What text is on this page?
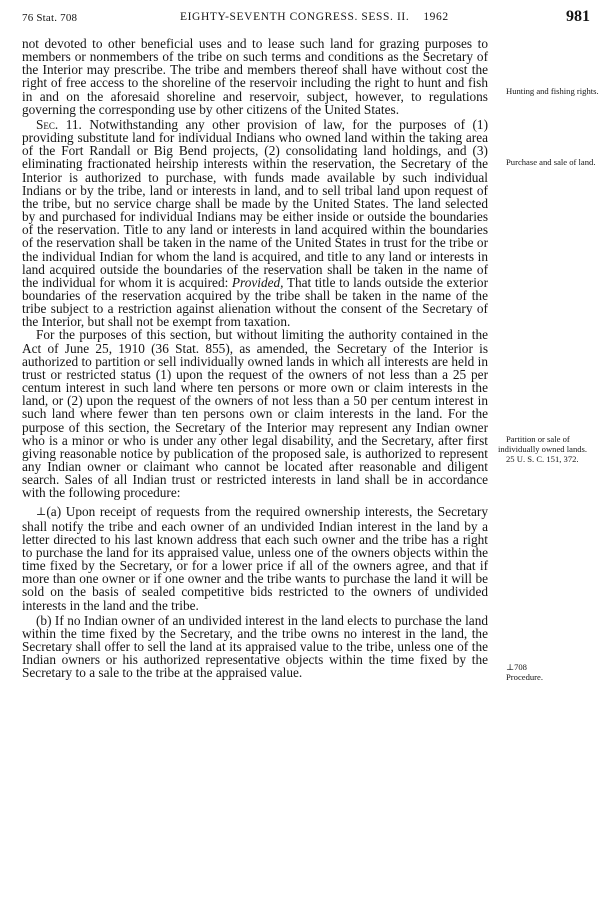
76 Stat. 708	EIGHTY-SEVENTH CONGRESS. SESS. II. 1962	981

not devoted to other beneficial uses and to lease such land for grazing purposes to members or nonmembers of the tribe on such terms and conditions as the Secretary of the Interior may prescribe. The tribe and members thereof shall have without cost the right of free access to the shoreline of the reservoir including the right to hunt and fish in and on the aforesaid shoreline and reservoir, subject, however, to regulations governing the corresponding use by other citizens of the United States.

Sec. 11. Notwithstanding any other provision of law, for the purposes of (1) providing substitute land for individual Indians who owned land within the taking area of the Fort Randall or Big Bend projects, (2) consolidating land holdings, and (3) eliminating fractionated heirship interests within the reservation, the Secretary of the Interior is authorized to purchase, with funds made available by such individual Indians or by the tribe, land or interests in land, and to sell tribal land upon request of the tribe, but no service charge shall be made by the United States. The land selected by and purchased for individual Indians may be either inside or outside the boundaries of the reservation. Title to any land or interests in land acquired within the boundaries of the reservation shall be taken in the name of the United States in trust for the tribe or the individual Indian for whom the land is acquired, and title to any land or interests in land acquired outside the boundaries of the reservation shall be taken in the name of the individual for whom it is acquired: Provided, That title to lands outside the exterior boundaries of the reservation acquired by the tribe shall be taken in the name of the tribe subject to a restriction against alienation without the consent of the Secretary of the Interior, but shall not be exempt from taxation.

For the purposes of this section, but without limiting the authority contained in the Act of June 25, 1910 (36 Stat. 855), as amended, the Secretary of the Interior is authorized to partition or sell individually owned lands in which all interests are held in trust or restricted status (1) upon the request of the owners of not less than a 25 per centum interest in such land where ten persons or more own or claim interests in the land, or (2) upon the request of the owners of not less than a 50 per centum interest in such land where fewer than ten persons own or claim interests in the land. For the purpose of this section, the Secretary of the Interior may represent any Indian owner who is a minor or who is under any other legal disability, and the Secretary, after first giving reasonable notice by publication of the proposed sale, is authorized to represent any Indian owner or claimant who cannot be located after reasonable and diligent search. Sales of all Indian trust or restricted interests in land shall be in accordance with the following procedure:

⊥(a) Upon receipt of requests from the required ownership interests, the Secretary shall notify the tribe and each owner of an undivided Indian interest in the land by a letter directed to his last known address that each such owner and the tribe has a right to purchase the land for its appraised value, unless one of the owners objects within the time fixed by the Secretary, or for a lower price if all of the owners agree, and that if more than one owner or if one owner and the tribe wants to purchase the land it will be sold on the basis of sealed competitive bids restricted to the owners of undivided interests in the land and the tribe.

(b) If no Indian owner of an undivided interest in the land elects to purchase the land within the time fixed by the Secretary, and the tribe owns no interest in the land, the Secretary shall offer to sell the land at its appraised value to the tribe, unless one of the Indian owners or his authorized representative objects within the time fixed by the Secretary to a sale to the tribe at the appraised value.

Hunting and fishing rights.
Purchase and sale of land.
Partition or sale of individually owned lands.
25 U. S. C. 151, 372.
⊥708
Procedure.
